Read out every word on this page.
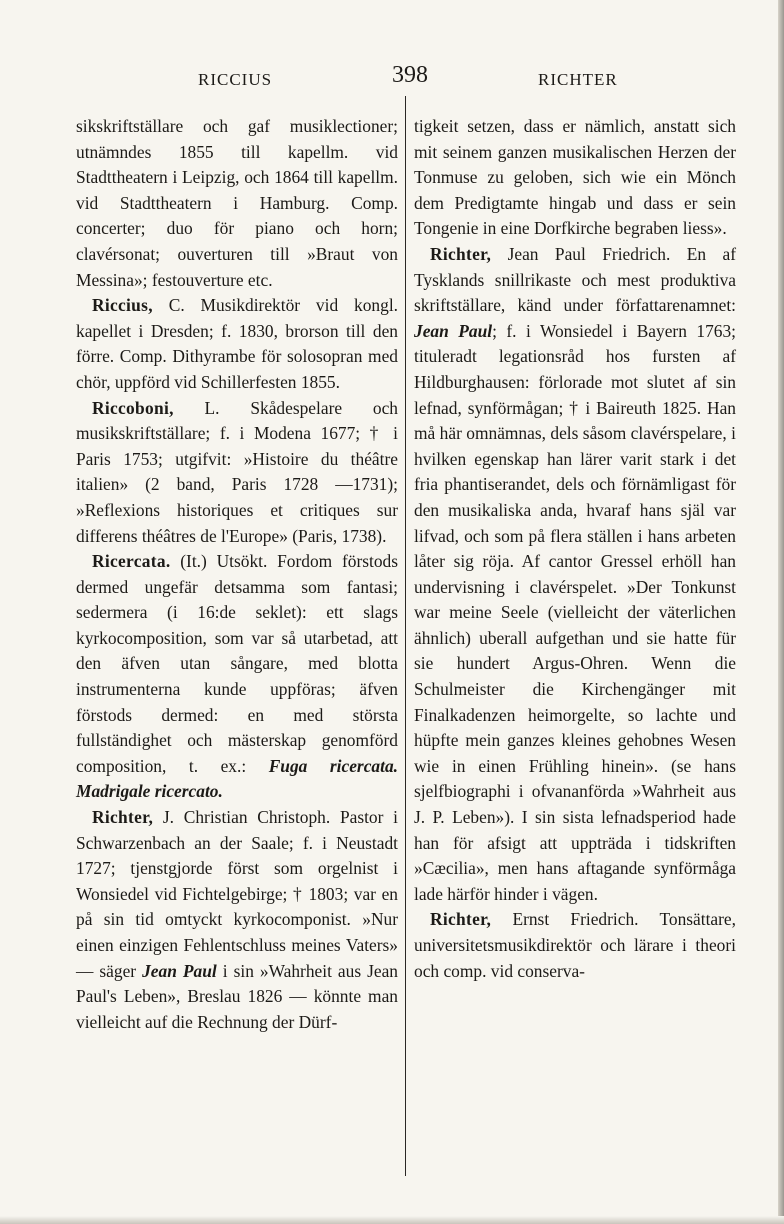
RICCIUS	398	RICHTER

sikskriftställare och gaf musiklectioner; utnämndes 1855 till kapellm. vid Stadttheatern i Leipzig, och 1864 till kapellm. vid Stadttheatern i Hamburg. Comp. concerter; duo för piano och horn; clavérsonat; ouverturen till »Braut von Messina»; festouverture etc.

Riccius, C. Musikdirektör vid kongl. kapellet i Dresden; f. 1830, brorson till den förre. Comp. Dithyrambe för solosopran med chör, uppförd vid Schillerfesten 1855.

Riccoboni, L. Skådespelare och musikskriftställare; f. i Modena 1677; † i Paris 1753; utgifvit: »Histoire du théâtre italien» (2 band, Paris 1728 —1731); »Reflexions historiques et critiques sur differens théâtres de l'Europe» (Paris, 1738).

Ricercata. (It.) Utsökt. Fordom förstods dermed ungefär detsamma som fantasi; sedermera (i 16:de seklet): ett slags kyrkocomposition, som var så utarbetad, att den äfven utan sångare, med blotta instrumenterna kunde uppföras; äfven förstods dermed: en med största fullständighet och mästerskap genomförd composition, t. ex.: Fuga ricercata. Madrigale ricercato.

Richter, J. Christian Christoph. Pastor i Schwarzenbach an der Saale; f. i Neustadt 1727; tjenstgjorde först som orgelnist i Wonsiedel vid Fichtelgebirge; † 1803; var en på sin tid omtyckt kyrkocomponist. »Nur einen einzigen Fehlentschluss meines Vaters» — säger Jean Paul i sin »Wahrheit aus Jean Paul's Leben», Breslau 1826 — könnte man vielleicht auf die Rechnung der Dürf-

tigkeit setzen, dass er nämlich, anstatt sich mit seinem ganzen musikalischen Herzen der Tonmuse zu geloben, sich wie ein Mönch dem Predigtamte hingab und dass er sein Tongenie in eine Dorfkirche begraben liess».

Richter, Jean Paul Friedrich. En af Tysklands snillrikaste och mest produktiva skriftställare, känd under författarenamnet: Jean Paul; f. i Wonsiedel i Bayern 1763; tituleradt legationsråd hos fursten af Hildburghausen: förlorade mot slutet af sin lefnad, synförmågan; † i Baireuth 1825. Han må här omnämnas, dels såsom clavérspelare, i hvilken egenskap han lärer varit stark i det fria phantiserandet, dels och förnämligast för den musikaliska anda, hvaraf hans själ var lifvad, och som på flera ställen i hans arbeten låter sig röja. Af cantor Gressel erhöll han undervisning i clavérspelet. »Der Tonkunst war meine Seele (vielleicht der väterlichen ähnlich) uberall aufgethan und sie hatte für sie hundert Argus-Ohren. Wenn die Schulmeister die Kirchengänger mit Finalkadenzen heimorgelte, so lachte und hüpfte mein ganzes kleines gehobnes Wesen wie in einen Frühling hinein». (se hans sjelfbiographi i ofvananförda »Wahrheit aus J. P. Leben»). I sin sista lefnadsperiod hade han för afsigt att uppträda i tidskriften »Cæcilia», men hans aftagande synförmåga lade härför hinder i vägen.

Richter, Ernst Friedrich. Tonsättare, universitetsmusikdirektör och lärare i theori och comp. vid conserva-
